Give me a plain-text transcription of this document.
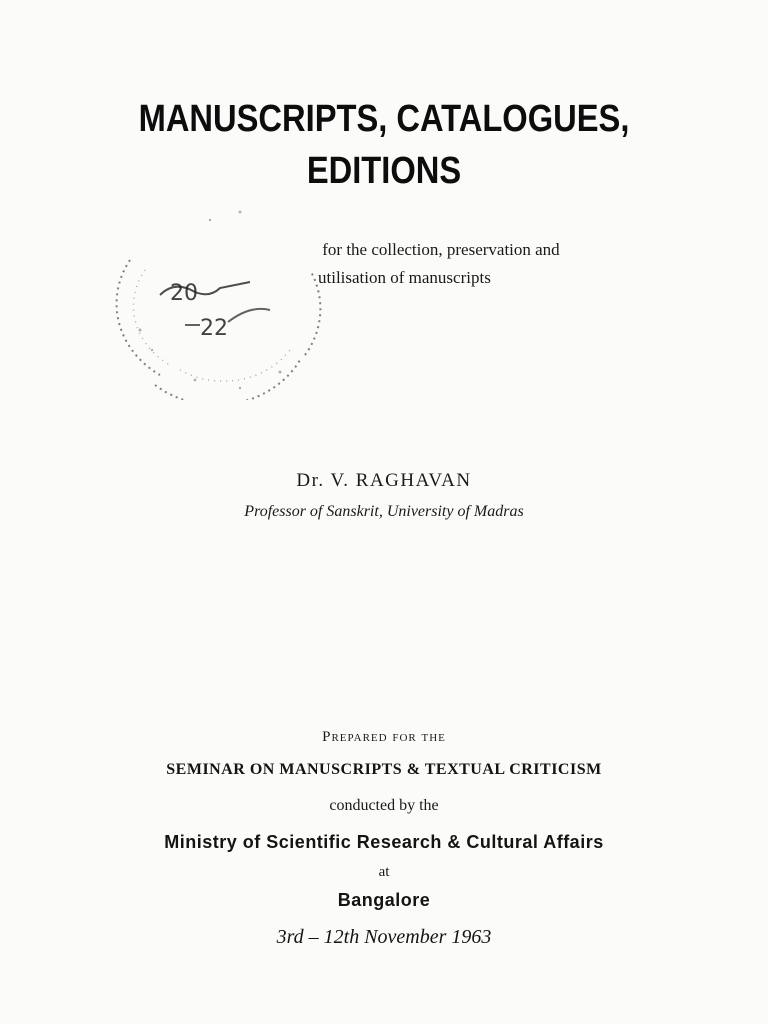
MANUSCRIPTS, CATALOGUES,
EDITIONS
20
22
for the collection, preservation and
utilisation of manuscripts
Dr. V. RAGHAVAN
Professor of Sanskrit, University of Madras
Prepared for the
SEMINAR ON MANUSCRIPTS & TEXTUAL CRITICISM
conducted by the
Ministry of Scientific Research & Cultural Affairs
at
Bangalore
3rd – 12th November 1963
